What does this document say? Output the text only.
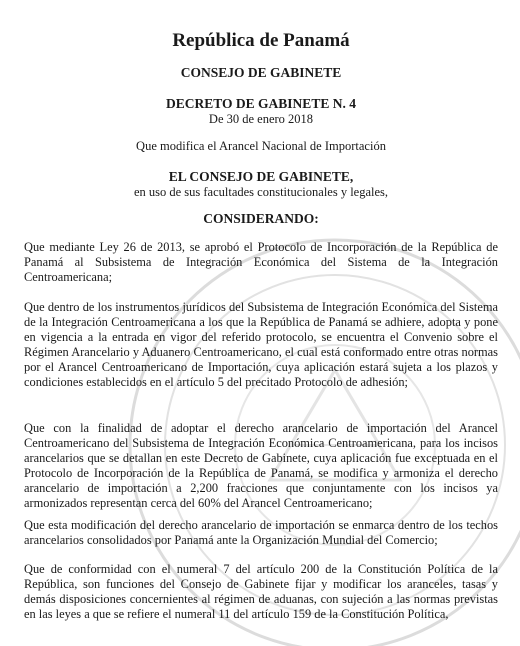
República de Panamá
CONSEJO DE GABINETE
DECRETO DE GABINETE N. 4
De 30 de enero 2018
Que modifica el Arancel Nacional de Importación
EL CONSEJO DE GABINETE,
en uso de sus facultades constitucionales y legales,
CONSIDERANDO:

Que mediante Ley 26 de 2013, se aprobó el Protocolo de Incorporación de la República de Panamá al Subsistema de Integración Económica del Sistema de la Integración Centroamericana;

Que dentro de los instrumentos jurídicos del Subsistema de Integración Económica del Sistema de la Integración Centroamericana a los que la República de Panamá se adhiere, adopta y pone en vigencia a la entrada en vigor del referido protocolo, se encuentra el Convenio sobre el Régimen Arancelario y Aduanero Centroamericano, el cual está conformado entre otras normas por el Arancel Centroamericano de Importación, cuya aplicación estará sujeta a los plazos y condiciones establecidos en el artículo 5 del precitado Protocolo de adhesión;

Que con la finalidad de adoptar el derecho arancelario de importación del Arancel Centroamericano del Subsistema de Integración Económica Centroamericana, para los incisos arancelarios que se detallan en este Decreto de Gabinete, cuya aplicación fue exceptuada en el Protocolo de Incorporación de la República de Panamá, se modifica y armoniza el derecho arancelario de importación a 2,200 fracciones que conjuntamente con los incisos ya armonizados representan cerca del 60% del Arancel Centroamericano;

Que esta modificación del derecho arancelario de importación se enmarca dentro de los techos arancelarios consolidados por Panamá ante la Organización Mundial del Comercio;

Que de conformidad con el numeral 7 del artículo 200 de la Constitución Política de la República, son funciones del Consejo de Gabinete fijar y modificar los aranceles, tasas y demás disposiciones concernientes al régimen de aduanas, con sujeción a las normas previstas en las leyes a que se refiere el numeral 11 del artículo 159 de la Constitución Política,
